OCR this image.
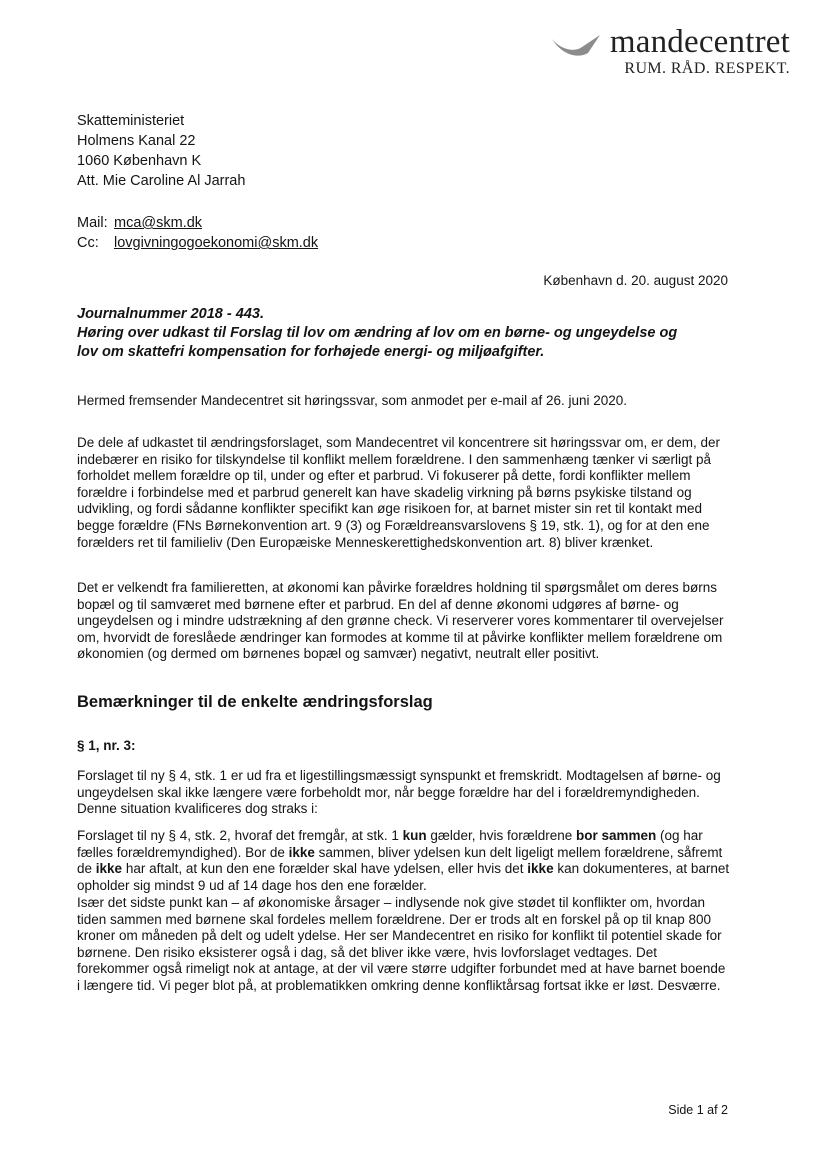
mandecentret
RUM. RÅD. RESPEKT.
Skatteministeriet
Holmens Kanal 22
1060 København K
Att. Mie Caroline Al Jarrah
Mail: mca@skm.dk
Cc:	lovgivningogoekonomi@skm.dk
København d. 20. august 2020
Journalnummer 2018 - 443.
Høring over udkast til Forslag til lov om ændring af lov om en børne- og ungeydelse og
lov om skattefri kompensation for forhøjede energi- og miljøafgifter.
Hermed fremsender Mandecentret sit høringssvar, som anmodet per e-mail af 26. juni 2020.
De dele af udkastet til ændringsforslaget, som Mandecentret vil koncentrere sit høringssvar om, er dem, der indebærer en risiko for tilskyndelse til konflikt mellem forældrene. I den sammenhæng tænker vi særligt på forholdet mellem forældre op til, under og efter et parbrud. Vi fokuserer på dette, fordi konflikter mellem forældre i forbindelse med et parbrud generelt kan have skadelig virkning på børns psykiske tilstand og udvikling, og fordi sådanne konflikter specifikt kan øge risikoen for, at barnet mister sin ret til kontakt med begge forældre (FNs Børnekonvention art. 9 (3) og Forældreansvarslovens § 19, stk. 1), og for at den ene forælders ret til familieliv (Den Europæiske Menneskerettighedskonvention art. 8) bliver krænket.
Det er velkendt fra familieretten, at økonomi kan påvirke forældres holdning til spørgsmålet om deres børns bopæl og til samværet med børnene efter et parbrud. En del af denne økonomi udgøres af børne- og ungeydelsen og i mindre udstrækning af den grønne check. Vi reserverer vores kommentarer til overvejelser om, hvorvidt de foreslåede ændringer kan formodes at komme til at påvirke konflikter mellem forældrene om økonomien (og dermed om børnenes bopæl og samvær) negativt, neutralt eller positivt.
Bemærkninger til de enkelte ændringsforslag
§ 1, nr. 3:
Forslaget til ny § 4, stk. 1 er ud fra et ligestillingsmæssigt synspunkt et fremskridt. Modtagelsen af børne- og ungeydelsen skal ikke længere være forbeholdt mor, når begge forældre har del i forældremyndigheden. Denne situation kvalificeres dog straks i:
Forslaget til ny § 4, stk. 2, hvoraf det fremgår, at stk. 1 kun gælder, hvis forældrene bor sammen (og har fælles forældremyndighed). Bor de ikke sammen, bliver ydelsen kun delt ligeligt mellem forældrene, såfremt de ikke har aftalt, at kun den ene forælder skal have ydelsen, eller hvis det ikke kan dokumenteres, at barnet opholder sig mindst 9 ud af 14 dage hos den ene forælder.
Især det sidste punkt kan – af økonomiske årsager – indlysende nok give stødet til konflikter om, hvordan tiden sammen med børnene skal fordeles mellem forældrene. Der er trods alt en forskel på op til knap 800 kroner om måneden på delt og udelt ydelse. Her ser Mandecentret en risiko for konflikt til potentiel skade for børnene. Den risiko eksisterer også i dag, så det bliver ikke være, hvis lovforslaget vedtages. Det forekommer også rimeligt nok at antage, at der vil være større udgifter forbundet med at have barnet boende i længere tid. Vi peger blot på, at problematikken omkring denne konfliktårsag fortsat ikke er løst. Desværre.
Side 1 af 2
